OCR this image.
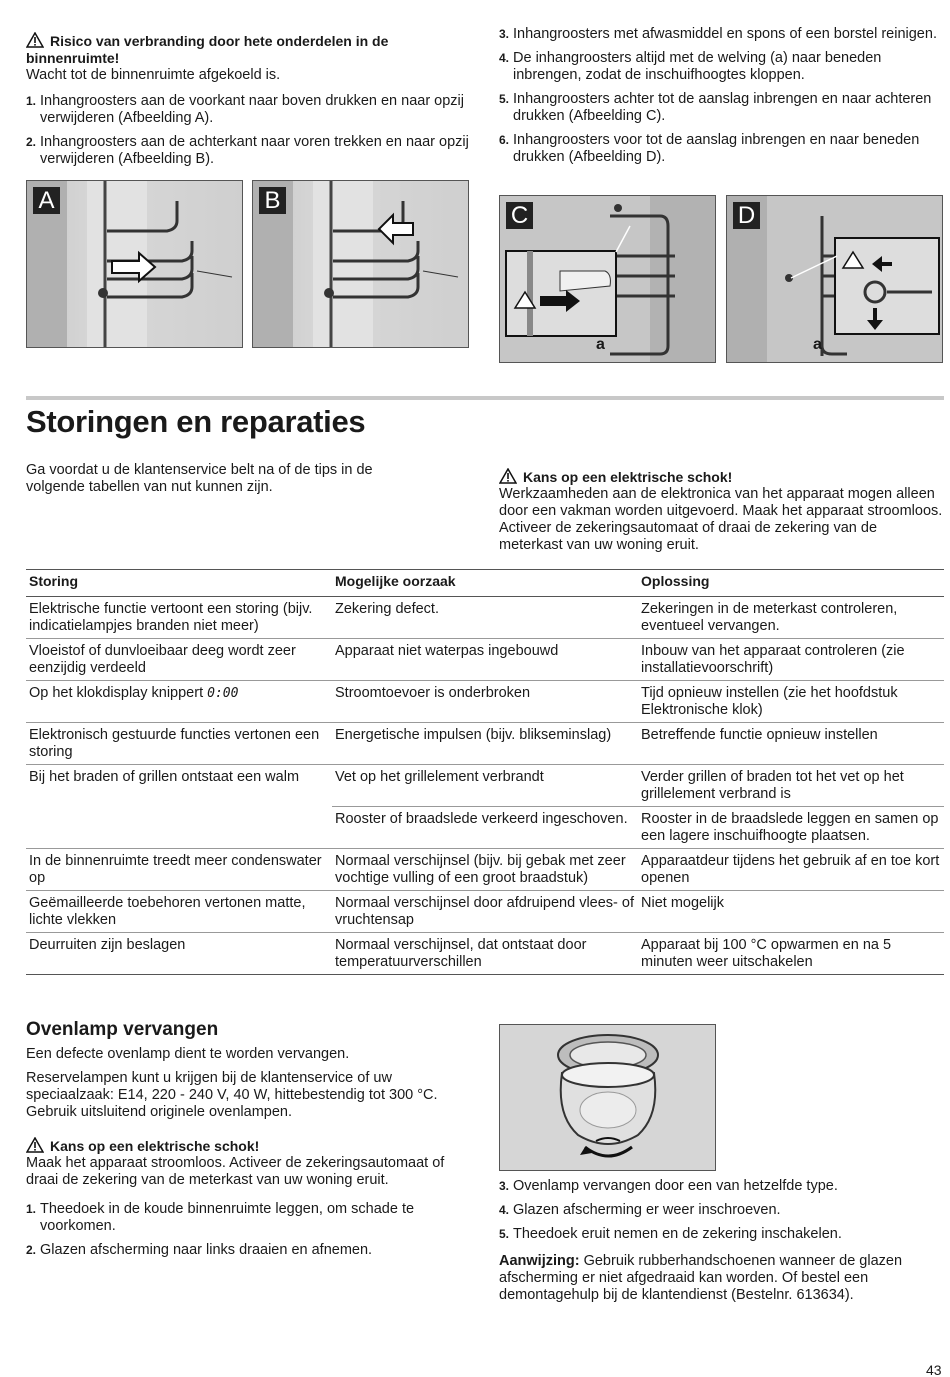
Risico van verbranding door hete onderdelen in de binnenruimte!

Wacht tot de binnenruimte afgekoeld is.

1. Inhangroosters aan de voorkant naar boven drukken en naar opzij verwijderen (Afbeelding A).
2. Inhangroosters aan de achterkant naar voren trekken en naar opzij verwijderen (Afbeelding B).
A	B
3. Inhangroosters met afwasmiddel en spons of een borstel reinigen.
4. De inhangroosters altijd met de welving (a) naar beneden inbrengen, zodat de inschuifhoogtes kloppen.
5. Inhangroosters achter tot de aanslag inbrengen en naar achteren drukken (Afbeelding C).
6. Inhangroosters voor tot de aanslag inbrengen en naar beneden drukken (Afbeelding D).
C
a
D
a
Storingen en reparaties

Ga voordat u de klantenservice belt na of de tips in de volgende tabellen van nut kunnen zijn.

Kans op een elektrische schok!

Werkzaamheden aan de elektronica van het apparaat mogen alleen door een vakman worden uitgevoerd. Maak het apparaat stroomloos. Activeer de zekeringsautomaat of draai de zekering van de meterkast van uw woning eruit.

Storing	Mogelijke oorzaak	Oplossing
Elektrische functie vertoont een storing (bijv. indicatielampjes branden niet meer)	Zekering defect.	Zekeringen in de meterkast controleren, eventueel vervangen.
Vloeistof of dunvloeibaar deeg wordt zeer eenzijdig verdeeld	Apparaat niet waterpas ingebouwd	Inbouw van het apparaat controleren (zie installatievoorschrift)
Op het klokdisplay knippert 0:00	Stroomtoevoer is onderbroken	Tijd opnieuw instellen (zie het hoofdstuk Elektronische klok)
Elektronisch gestuurde functies vertonen een storing	Energetische impulsen (bijv. blikseminslag)	Betreffende functie opnieuw instellen
Bij het braden of grillen ontstaat een walm	Vet op het grillelement verbrandt	Verder grillen of braden tot het vet op het grillelement verbrand is
	Rooster of braadslede verkeerd ingeschoven.	Rooster in de braadslede leggen en samen op een lagere inschuifhoogte plaatsen.
In de binnenruimte treedt meer condenswater op	Normaal verschijnsel (bijv. bij gebak met zeer vochtige vulling of een groot braadstuk)	Apparaatdeur tijdens het gebruik af en toe kort openen
Geëmailleerde toebehoren vertonen matte, lichte vlekken	Normaal verschijnsel door afdruipend vlees- of vruchtensap	Niet mogelijk
Deurruiten zijn beslagen	Normaal verschijnsel, dat ontstaat door temperatuurverschillen	Apparaat bij 100 °C opwarmen en na 5 minuten weer uitschakelen
Ovenlamp vervangen

Een defecte ovenlamp dient te worden vervangen.

Reservelampen kunt u krijgen bij de klantenservice of uw speciaalzaak: E14, 220 - 240 V, 40 W, hittebestendig tot 300 °C. Gebruik uitsluitend originele ovenlampen.

Kans op een elektrische schok!

Maak het apparaat stroomloos. Activeer de zekeringsautomaat of draai de zekering van de meterkast van uw woning eruit.

1. Theedoek in de koude binnenruimte leggen, om schade te voorkomen.
2. Glazen afscherming naar links draaien en afnemen.
3. Ovenlamp vervangen door een van hetzelfde type.
4. Glazen afscherming er weer inschroeven.
5. Theedoek eruit nemen en de zekering inschakelen.

Aanwijzing: Gebruik rubberhandschoenen wanneer de glazen afscherming er niet afgedraaid kan worden. Of bestel een demontagehulp bij de klantendienst (Bestelnr. 613634).

43
